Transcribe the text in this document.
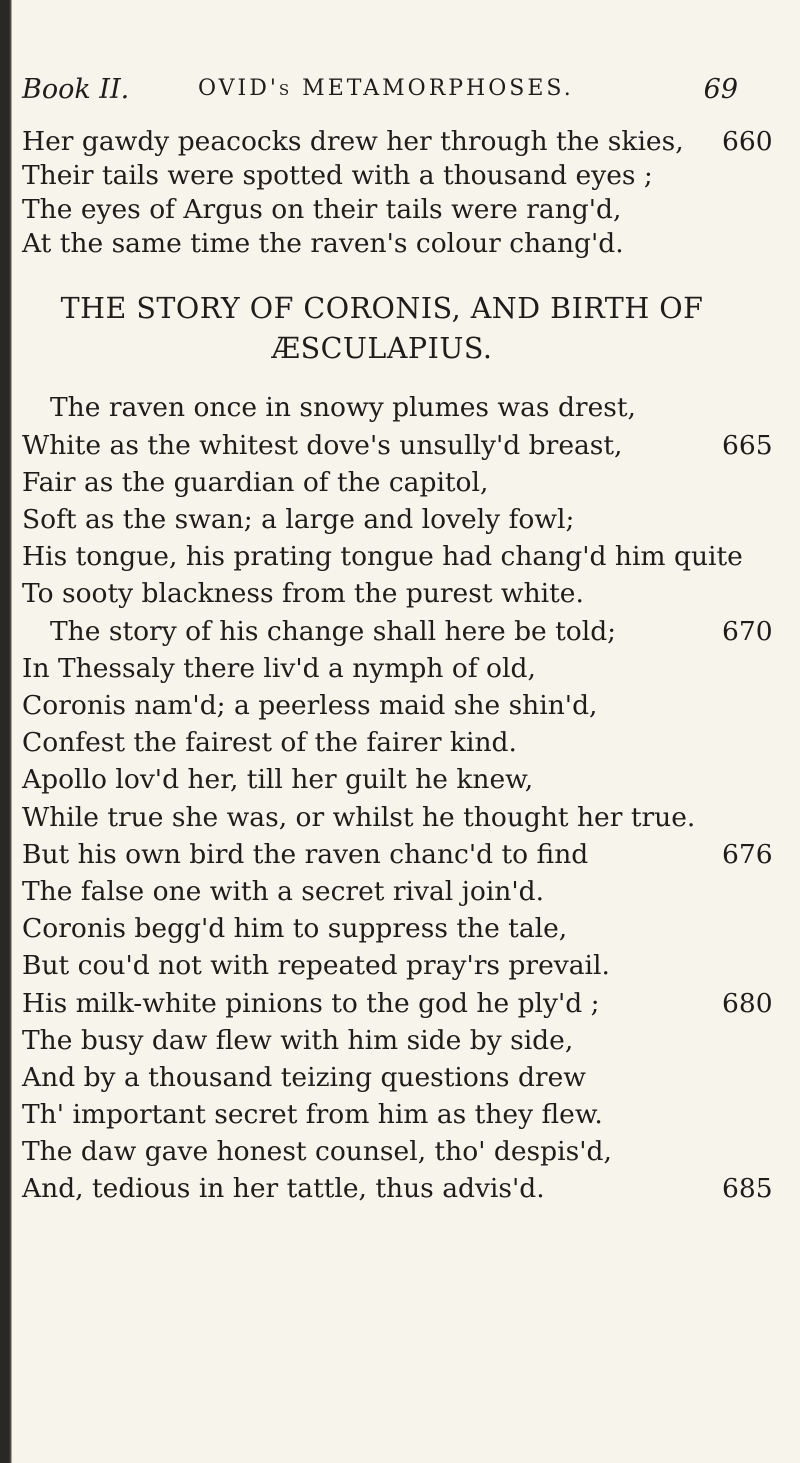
Book II.	OVID's METAMORPHOSES.	69
Her gawdy peacocks drew her through the skies, 660
Their tails were spotted with a thousand eyes ;
The eyes of Argus on their tails were rang'd,
At the same time the raven's colour chang'd.
THE STORY OF CORONIS, AND BIRTH OF
ÆSCULAPIUS.
The raven once in snowy plumes was drest,
White as the whitest dove's unsully'd breast,	665
Fair as the guardian of the capitol,
Soft as the swan; a large and lovely fowl;
His tongue, his prating tongue had chang'd him quite
To sooty blackness from the purest white.
The story of his change shall here be told;	670
In Thessaly there liv'd a nymph of old,
Coronis nam'd; a peerless maid she shin'd,
Confest the fairest of the fairer kind.
Apollo lov'd her, till her guilt he knew,
While true she was, or whilst he thought her true.
But his own bird the raven chanc'd to find	676
The false one with a secret rival join'd.
Coronis begg'd him to suppress the tale,
But cou'd not with repeated pray'rs prevail.
His milk-white pinions to the god he ply'd ;	680
The busy daw flew with him side by side,
And by a thousand teizing questions drew
Th' important secret from him as they flew.
The daw gave honest counsel, tho' despis'd,
And, tedious in her tattle, thus advis'd.	685
